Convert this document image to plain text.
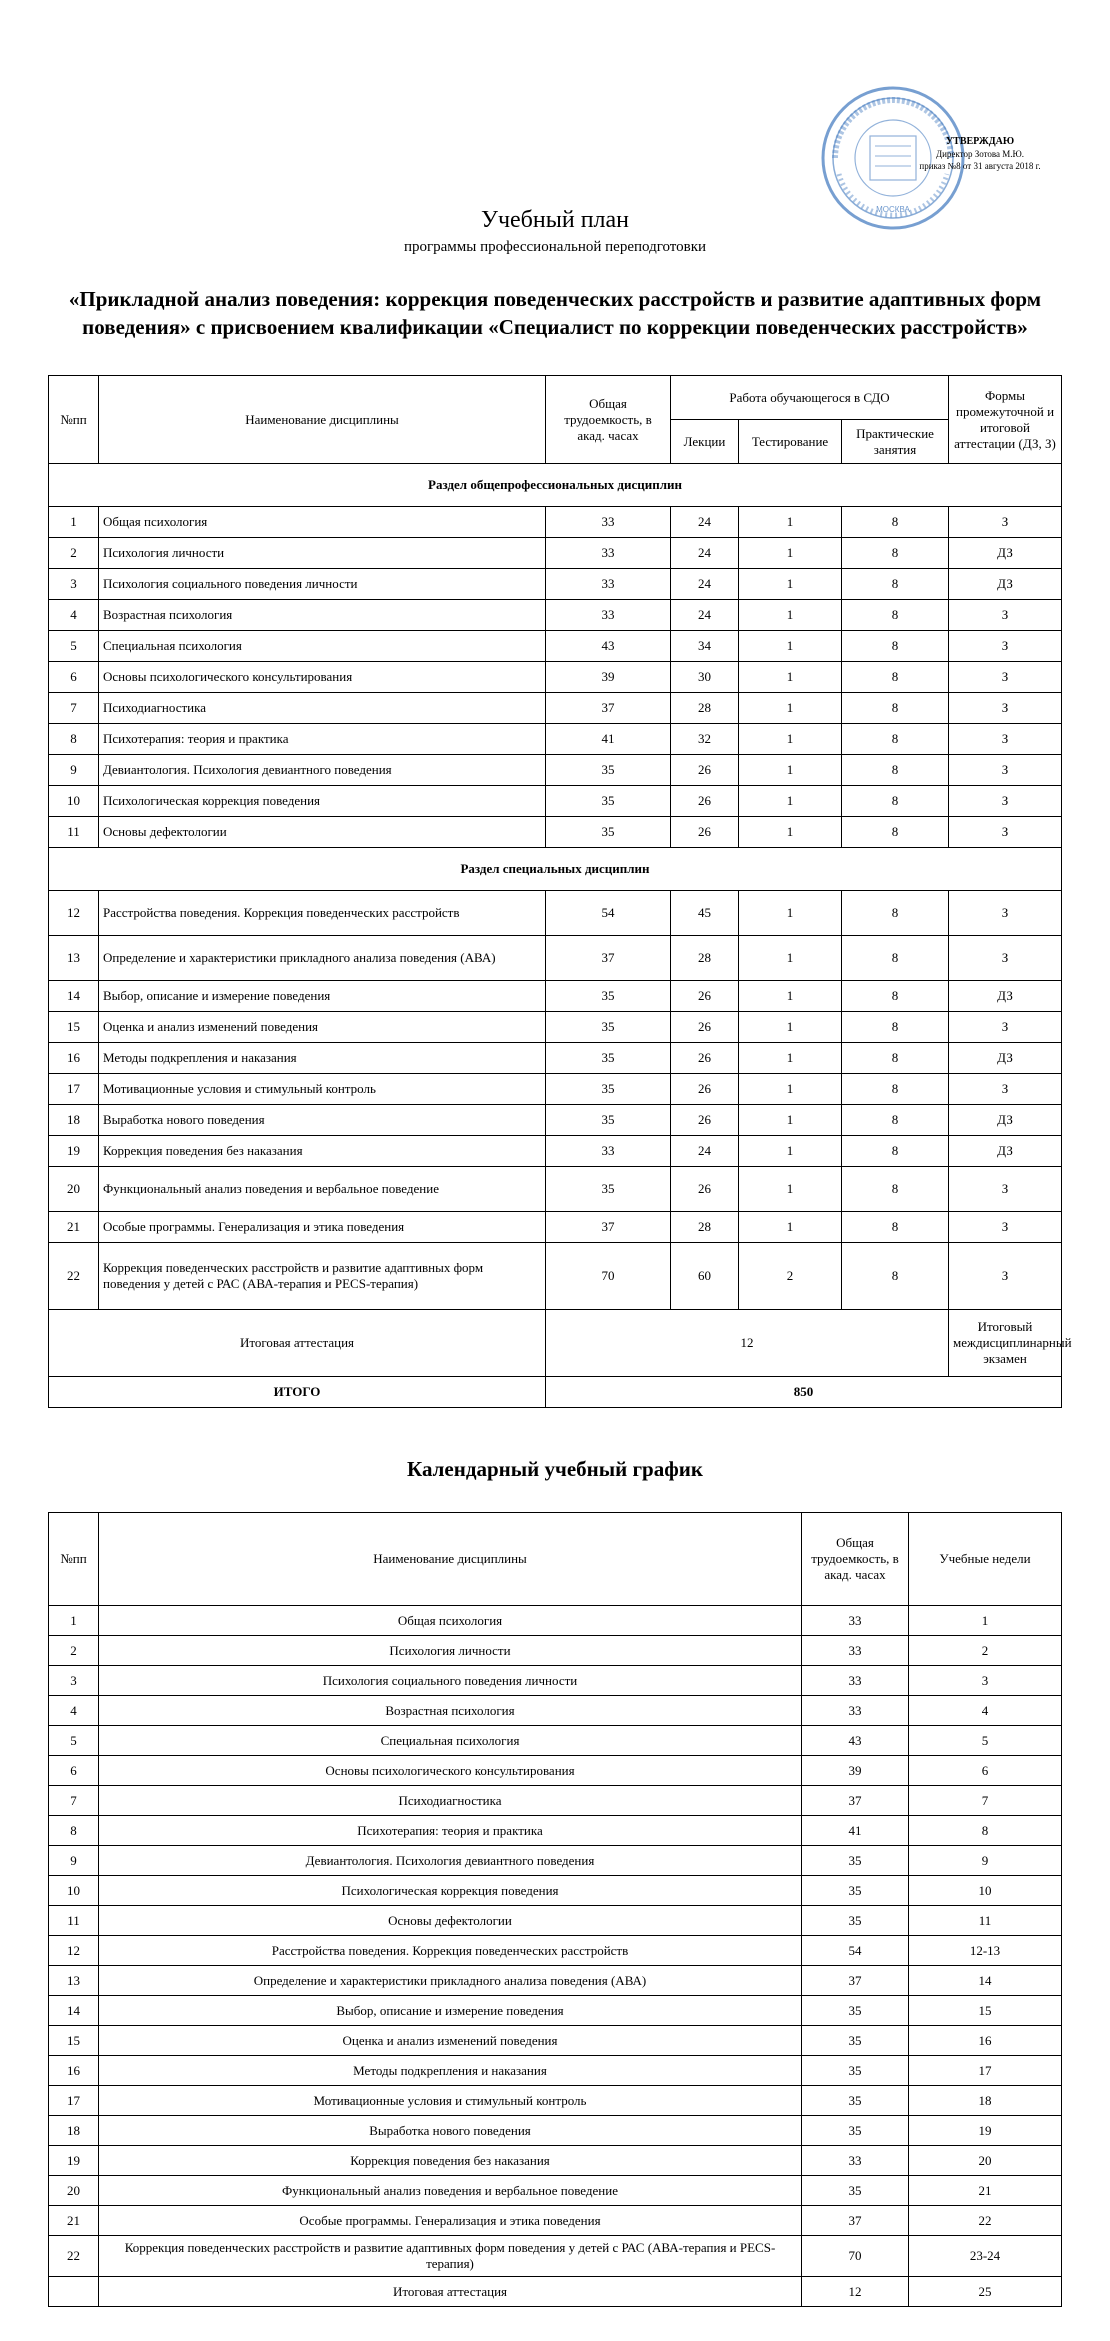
МОСКВА
УТВЕРЖДАЮ
Директор Зотова М.Ю.
приказ №8 от 31 августа 2018 г.
Учебный план
программы профессиональной переподготовки
«Прикладной анализ поведения: коррекция поведенческих расстройств и развитие адаптивных форм поведения» с присвоением квалификации «Специалист по коррекции поведенческих расстройств»
№пп	Наименование дисциплины	Общая трудоемкость, в акад. часах	Работа обучающегося в СДО			Формы промежуточной и итоговой аттестации (ДЗ, З)
			Лекции	Тестирование	Практические занятия	
Раздел общепрофессиональных дисциплин						
1	Общая психология	33	24	1	8	З
2	Психология личности	33	24	1	8	ДЗ
3	Психология социального поведения личности	33	24	1	8	ДЗ
4	Возрастная психология	33	24	1	8	З
5	Специальная психология	43	34	1	8	З
6	Основы психологического консультирования	39	30	1	8	З
7	Психодиагностика	37	28	1	8	З
8	Психотерапия: теория и практика	41	32	1	8	З
9	Девиантология. Психология девиантного поведения	35	26	1	8	З
10	Психологическая коррекция поведения	35	26	1	8	З
11	Основы дефектологии	35	26	1	8	З
Раздел специальных дисциплин						
12	Расстройства поведения. Коррекция поведенческих расстройств	54	45	1	8	З
13	Определение и характеристики прикладного анализа поведения (АВА)	37	28	1	8	З
14	Выбор, описание и измерение поведения	35	26	1	8	ДЗ
15	Оценка и анализ изменений поведения	35	26	1	8	З
16	Методы подкрепления и наказания	35	26	1	8	ДЗ
17	Мотивационные условия и стимульный контроль	35	26	1	8	З
18	Выработка нового поведения	35	26	1	8	ДЗ
19	Коррекция поведения без наказания	33	24	1	8	ДЗ
20	Функциональный анализ поведения и вербальное поведение	35	26	1	8	З
21	Особые программы. Генерализация и этика поведения	37	28	1	8	З
22	Коррекция поведенческих расстройств и развитие адаптивных форм поведения у детей с РАС (АВА-терапия и PECS-терапия)	70	60	2	8	З
Итоговая аттестация		12				Итоговый междисциплинарный экзамен
ИТОГО		850				
Календарный учебный график
№пп	Наименование дисциплины	Общая трудоемкость, в акад. часах	Учебные недели
1	Общая психология	33	1
2	Психология личности	33	2
3	Психология социального поведения личности	33	3
4	Возрастная психология	33	4
5	Специальная психология	43	5
6	Основы психологического консультирования	39	6
7	Психодиагностика	37	7
8	Психотерапия: теория и практика	41	8
9	Девиантология. Психология девиантного поведения	35	9
10	Психологическая коррекция поведения	35	10
11	Основы дефектологии	35	11
12	Расстройства поведения. Коррекция поведенческих расстройств	54	12-13
13	Определение и характеристики прикладного анализа поведения (АВА)	37	14
14	Выбор, описание и измерение поведения	35	15
15	Оценка и анализ изменений поведения	35	16
16	Методы подкрепления и наказания	35	17
17	Мотивационные условия и стимульный контроль	35	18
18	Выработка нового поведения	35	19
19	Коррекция поведения без наказания	33	20
20	Функциональный анализ поведения и вербальное поведение	35	21
21	Особые программы. Генерализация и этика поведения	37	22
22	Коррекция поведенческих расстройств и развитие адаптивных форм поведения у детей с РАС (АВА-терапия и PECS-терапия)	70	23-24
	Итоговая аттестация	12	25
